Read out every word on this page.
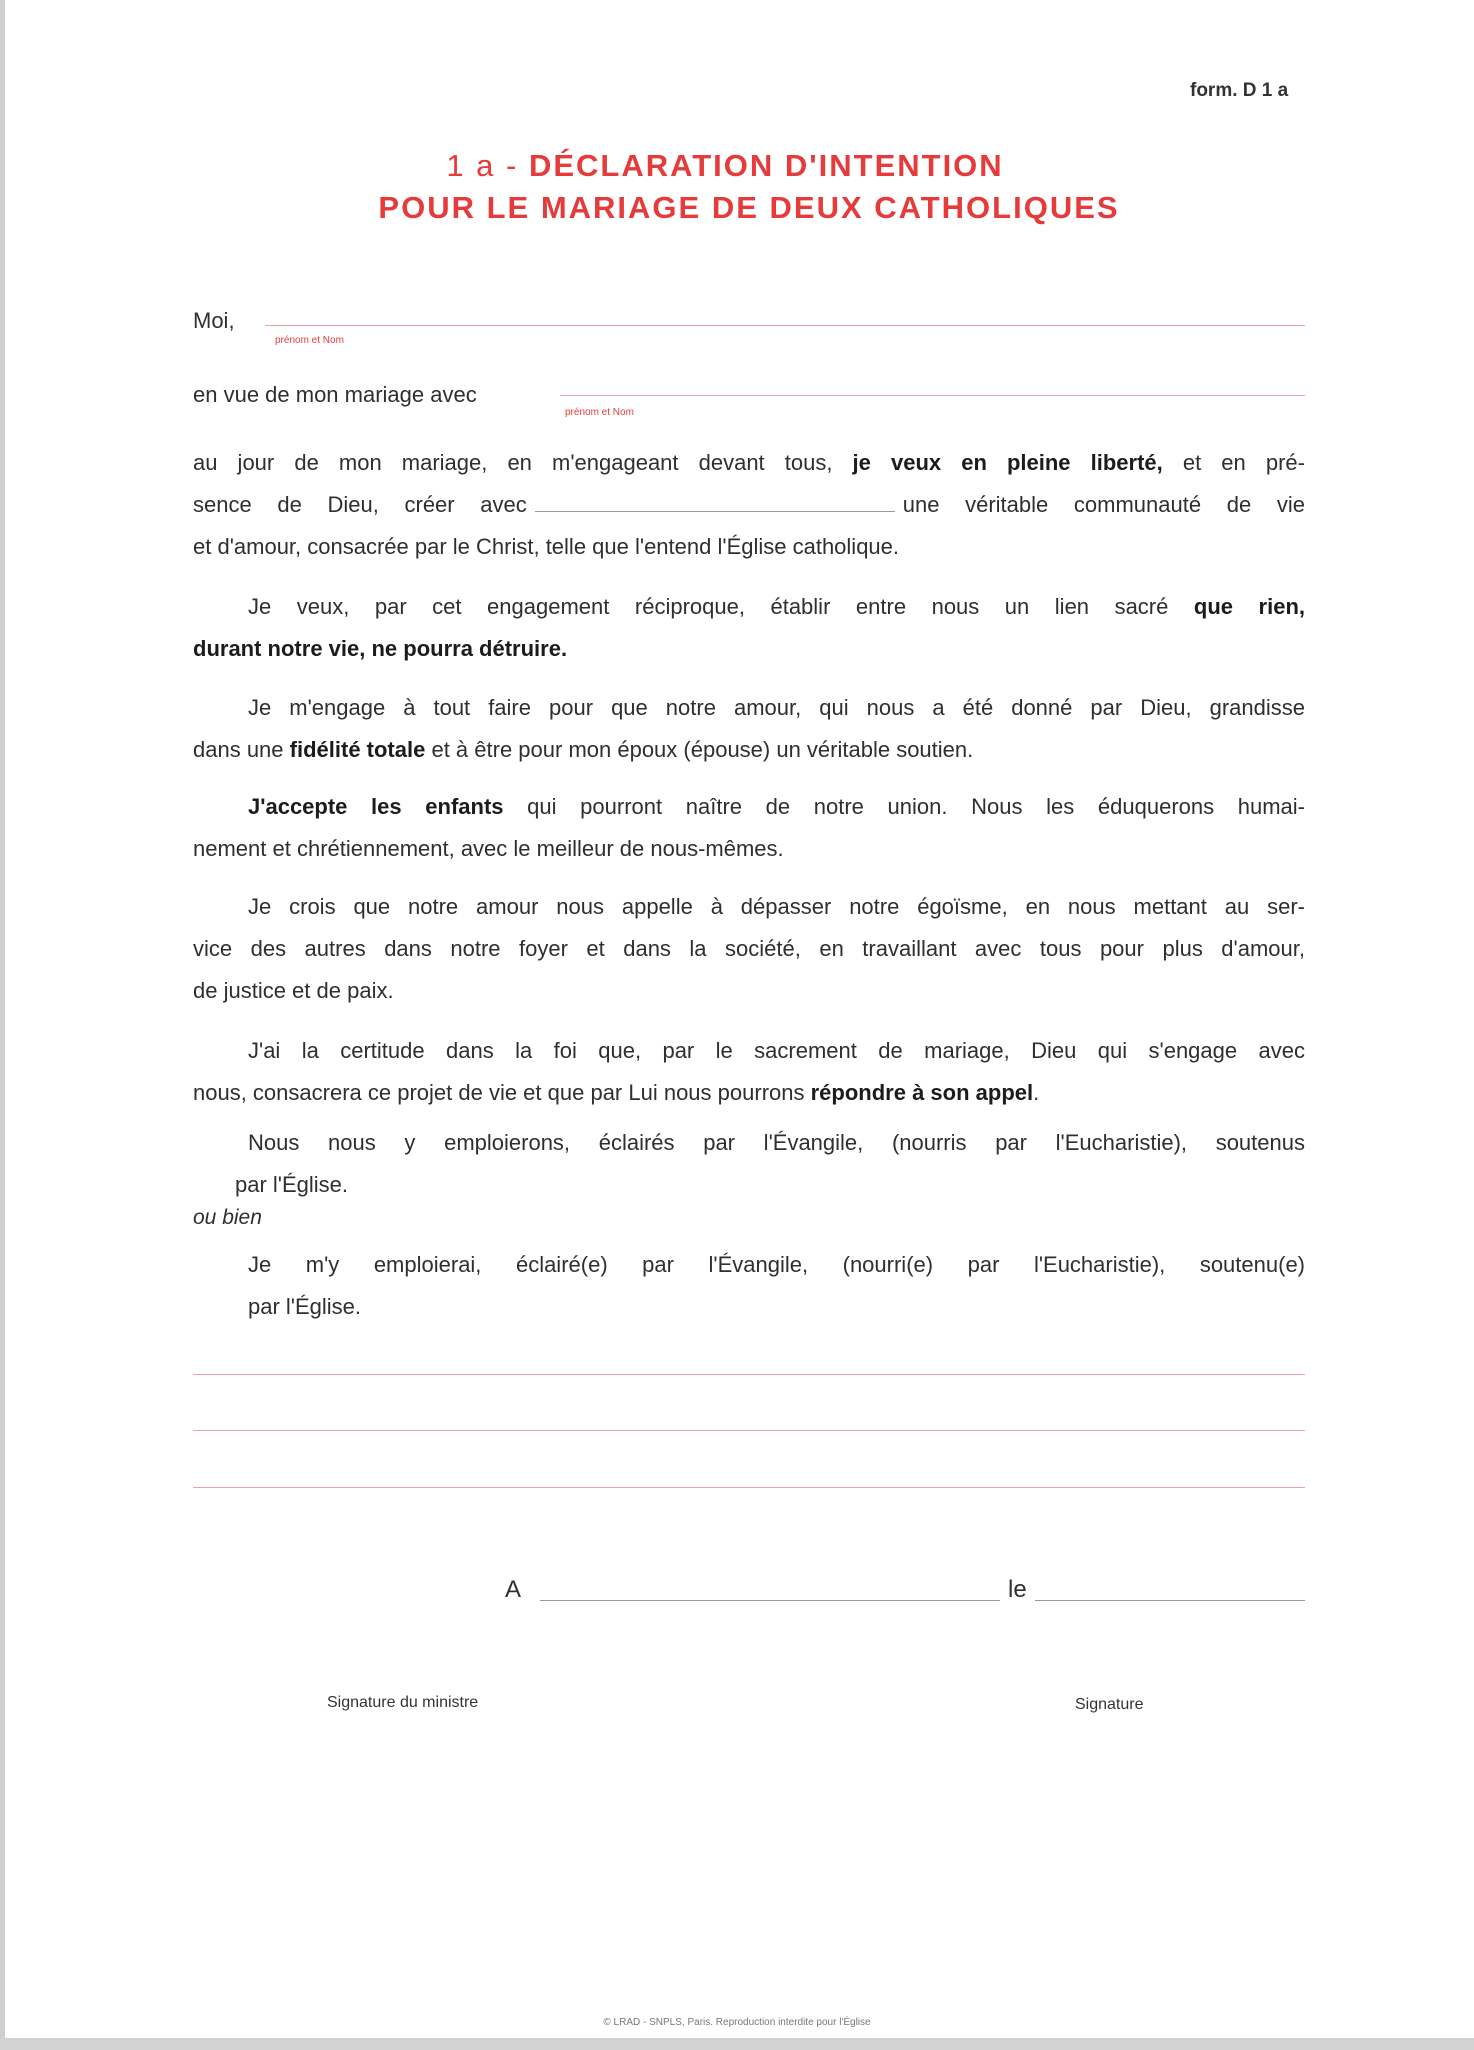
form. D 1 a
1 a - DÉCLARATION D'INTENTION
POUR LE MARIAGE DE DEUX CATHOLIQUES
Moi,
prénom et Nom
en vue de mon mariage avec
prénom et Nom
au jour de mon mariage, en m'engageant devant tous, je veux en pleine liberté, et en pré-
sence de Dieu, créer avec	une véritable communauté de vie
et d'amour, consacrée par le Christ, telle que l'entend l'Église catholique.
Je veux, par cet engagement réciproque, établir entre nous un lien sacré que rien,
durant notre vie, ne pourra détruire.
Je m'engage à tout faire pour que notre amour, qui nous a été donné par Dieu, grandisse
dans une fidélité totale et à être pour mon époux (épouse) un véritable soutien.
J'accepte les enfants qui pourront naître de notre union. Nous les éduquerons humai-
nement et chrétiennement, avec le meilleur de nous-mêmes.
Je crois que notre amour nous appelle à dépasser notre égoïsme, en nous mettant au ser-
vice des autres dans notre foyer et dans la société, en travaillant avec tous pour plus d'amour,
de justice et de paix.
J'ai la certitude dans la foi que, par le sacrement de mariage, Dieu qui s'engage avec
nous, consacrera ce projet de vie et que par Lui nous pourrons répondre à son appel.
Nous nous y emploierons, éclairés par l'Évangile, (nourris par l'Eucharistie), soutenus
par l'Église.
ou bien
Je m'y emploierai, éclairé(e) par l'Évangile, (nourri(e) par l'Eucharistie), soutenu(e)
par l'Église.
A	le
Signature du ministre	Signature
© LRAD - SNPLS, Paris. Reproduction interdite pour l'Église
